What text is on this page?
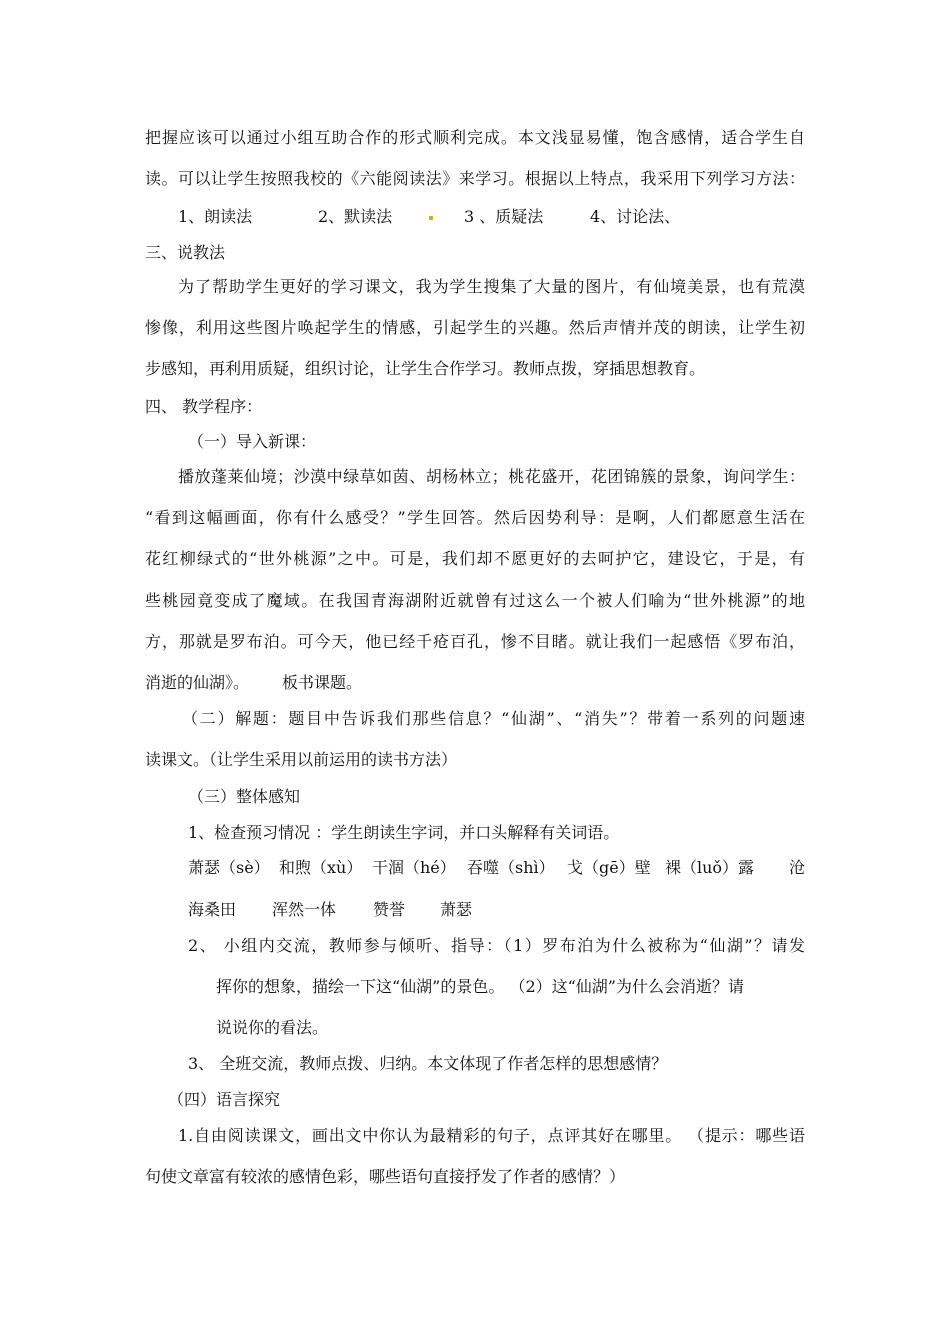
把握应该可以通过小组互助合作的形式顺利完成。本文浅显易懂，饱含感情，适合学生自
读。可以让学生按照我校的《六能阅读法》来学习。根据以上特点，我采用下列学习方法：
1、朗读法	2、默读法	3 、质疑法	4、讨论法、
三、说教法
为了帮助学生更好的学习课文，我为学生搜集了大量的图片，有仙境美景，也有荒漠
惨像，利用这些图片唤起学生的情感，引起学生的兴趣。然后声情并茂的朗读，让学生初
步感知，再利用质疑，组织讨论，让学生合作学习。教师点拨，穿插思想教育。
四、 教学程序：
（一）导入新课：
播放蓬莱仙境；沙漠中绿草如茵、胡杨林立；桃花盛开，花团锦簇的景象，询问学生：
“看到这幅画面，你有什么感受？”学生回答。然后因势利导：是啊，人们都愿意生活在
花红柳绿式的“世外桃源”之中。可是，我们却不愿更好的去呵护它，建设它，于是，有
些桃园竟变成了魔域。在我国青海湖附近就曾有过这么一个被人们喻为“世外桃源”的地
方，那就是罗布泊。可今天，他已经千疮百孔，惨不目睹。就让我们一起感悟《罗布泊，
消逝的仙湖》。 板书课题。
（二）解题：题目中告诉我们那些信息？“仙湖”、“消失”？带着一系列的问题速
读课文。（让学生采用以前运用的读书方法）
（三）整体感知
1、检查预习情况 ：学生朗读生字词，并口头解释有关词语。
萧瑟（sè） 和煦（xù） 干涸（hé） 吞噬（shì） 戈（gē）壁 裸（luǒ）露 沧
海桑田 浑然一体 赞誉 萧瑟
2、 小组内交流，教师参与倾听、指导：（1）罗布泊为什么被称为“仙湖”？请发
挥你的想象，描绘一下这“仙湖”的景色。 （2）这“仙湖”为什么会消逝？请
说说你的看法。
3、 全班交流，教师点拨、归纳。本文体现了作者怎样的思想感情？
（四）语言探究
1.自由阅读课文，画出文中你认为最精彩的句子，点评其好在哪里。 （提示：哪些语
句使文章富有较浓的感情色彩，哪些语句直接抒发了作者的感情？）
